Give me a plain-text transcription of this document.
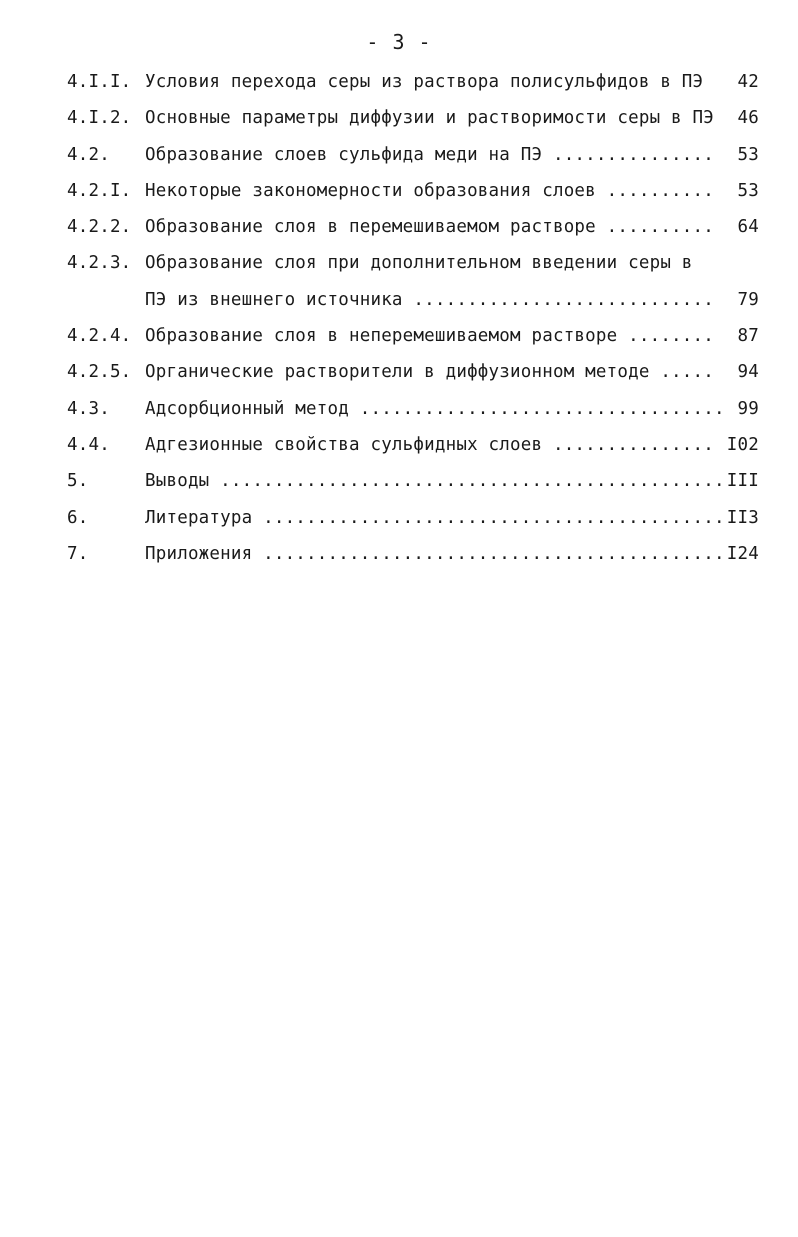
- 3 -
4.I.I. Условия перехода серы из раствора полисульфидов в ПЭ	42
4.I.2. Основные параметры диффузии и растворимости серы в ПЭ	46
4.2. Образование слоев сульфида меди на ПЭ ...............	53
4.2.I. Некоторые закономерности образования слоев ..........	53
4.2.2. Образование слоя в перемешиваемом растворе ..........	64
4.2.3. Образование слоя при дополнительном введении серы в
ПЭ из внешнего источника ............................	79
4.2.4. Образование слоя в неперемешиваемом растворе ........	87
4.2.5. Органические растворители в диффузионном методе .....	94
4.3. Адсорбционный метод .................................. 99
4.4. Адгезионные свойства сульфидных слоев ............... I02
5.	Выводы ............................................... III
6.	Литература ........................................... II3
7.	Приложения ........................................... I24
